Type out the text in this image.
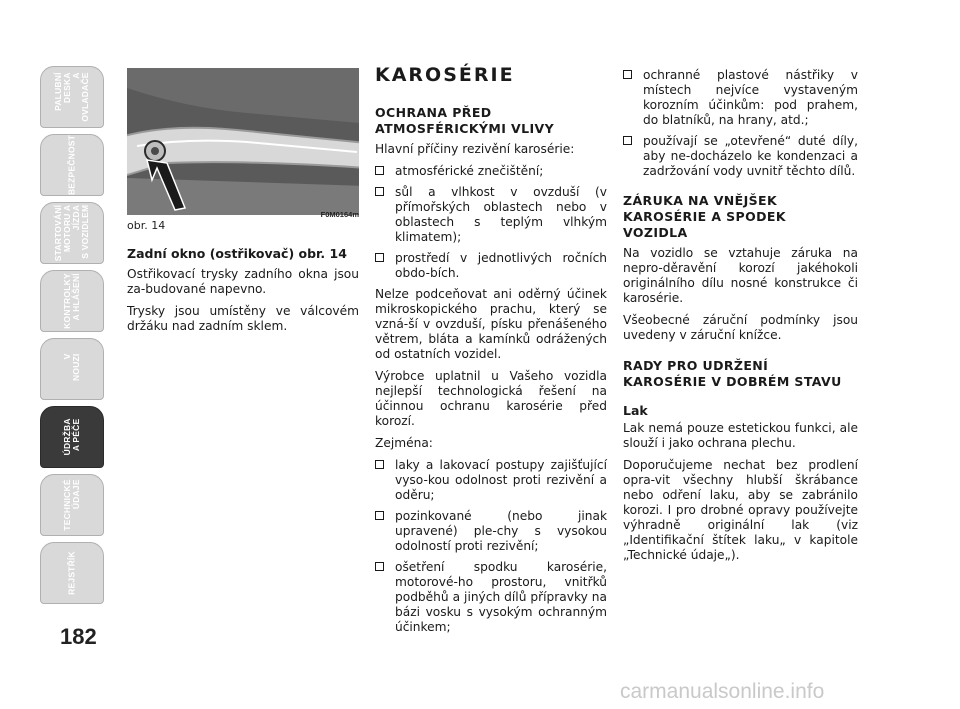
PALUBNÍ DESKA
A OVLADAČE
BEZPEČNOST
STARTOVÁNÍ
MOTORU A JÍZDA
S VOZIDLEM
KONTROLKY
A HLÁŠENÍ
V NOUZI
ÚDRŽBA A PÉČE
TECHNICKÉ ÚDAJE
REJSTŘÍK
182
obr. 14
F0M0164m
Zadní okno (ostřikovač) obr. 14

Ostřikovací trysky zadního okna jsou za-budované napevno.

Trysky jsou umístěny ve válcovém držáku nad zadním sklem.

KAROSÉRIE
OCHRANA PŘED
ATMOSFÉRICKÝMI VLIVY

Hlavní příčiny rezivění karosérie:

atmosférické znečištění;
sůl a vlhkost v ovzduší (v přímořských oblastech nebo v oblastech s teplým vlhkým klimatem);
prostředí v jednotlivých ročních obdo-bích.

Nelze podceňovat ani oděrný účinek mikroskopického prachu, který se vzná-ší v ovzduší, písku přenášeného větrem, bláta a kamínků odrážených od ostatních vozidel.

Výrobce uplatnil u Vašeho vozidla nejlepší technologická řešení na účinnou ochranu karosérie před korozí.

Zejména:

laky a lakovací postupy zajišťující vyso-kou odolnost proti rezivění a oděru;
pozinkované (nebo jinak upravené) ple-chy s vysokou odolností proti rezivění;
ošetření spodku karosérie, motorové-ho prostoru, vnitřků podběhů a jiných dílů přípravky na bázi vosku s vysokým ochranným účinkem;
ochranné plastové nástřiky v místech nejvíce vystaveným korozním účinkům: pod prahem, do blatníků, na hrany, atd.;
používají se „otevřené“ duté díly, aby ne-docházelo ke kondenzaci a zadržování vody uvnitř těchto dílů.
ZÁRUKA NA VNĚJŠEK
KAROSÉRIE A SPODEK
VOZIDLA

Na vozidlo se vztahuje záruka na nepro-děravění korozí jakéhokoli originálního dílu nosné konstrukce či karosérie.

Všeobecné záruční podmínky jsou uvedeny v záruční knížce.

RADY PRO UDRŽENÍ
KAROSÉRIE V DOBRÉM STAVU
Lak

Lak nemá pouze estetickou funkci, ale slouží i jako ochrana plechu.

Doporučujeme nechat bez prodlení opra-vit všechny hlubší škrábance nebo odření laku, aby se zabránilo korozi. I pro drobné opravy používejte výhradně originální lak (viz „Identifikační štítek laku„ v kapitole „Technické údaje„).

carmanualsonline.info
